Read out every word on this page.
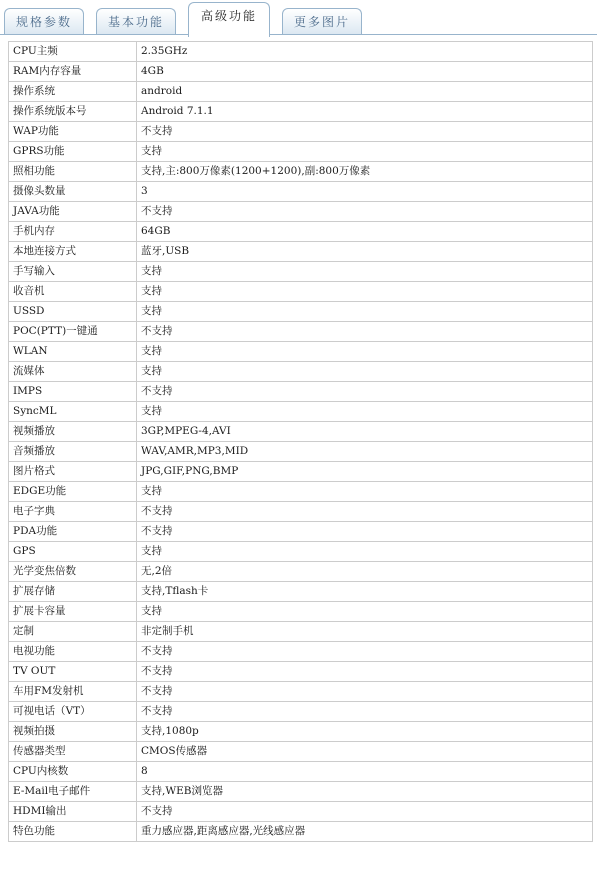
规格参数	基本功能	高级功能	更多图片
CPU主频	2.35GHz
RAM内存容量	4GB
操作系统	android
操作系统版本号	Android 7.1.1
WAP功能	不支持
GPRS功能	支持
照相功能	支持,主:800万像素(1200+1200),副:800万像素
摄像头数量	3
JAVA功能	不支持
手机内存	64GB
本地连接方式	蓝牙,USB
手写输入	支持
收音机	支持
USSD	支持
POC(PTT)一键通	不支持
WLAN	支持
流媒体	支持
IMPS	不支持
SyncML	支持
视频播放	3GP,MPEG-4,AVI
音频播放	WAV,AMR,MP3,MID
图片格式	JPG,GIF,PNG,BMP
EDGE功能	支持
电子字典	不支持
PDA功能	不支持
GPS	支持
光学变焦倍数	无,2倍
扩展存储	支持,Tflash卡
扩展卡容量	支持
定制	非定制手机
电视功能	不支持
TV OUT	不支持
车用FM发射机	不支持
可视电话（VT）	不支持
视频拍摄	支持,1080p
传感器类型	CMOS传感器
CPU内核数	8
E-Mail电子邮件	支持,WEB浏览器
HDMI输出	不支持
特色功能	重力感应器,距离感应器,光线感应器
